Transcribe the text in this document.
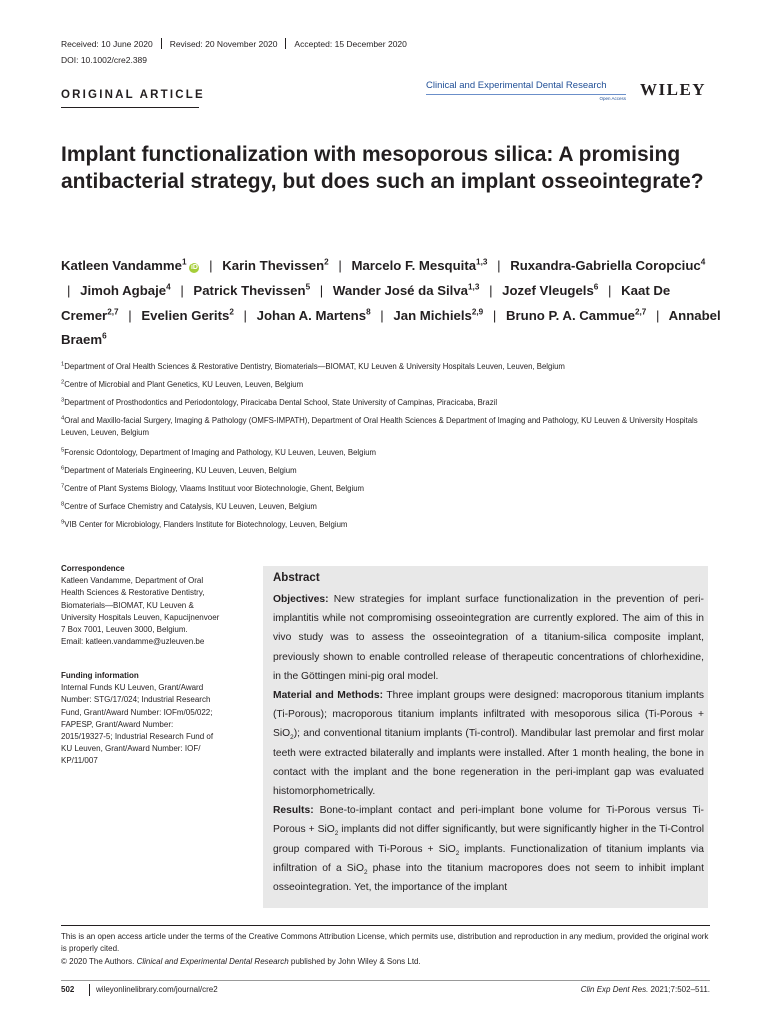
Received: 10 June 2020 Revised: 20 November 2020 Accepted: 15 December 2020
DOI: 10.1002/cre2.389
ORIGINAL ARTICLE
Clinical and Experimental Dental Research
Open Access WILEY
Implant functionalization with mesoporous silica: A promising antibacterial strategy, but does such an implant osseointegrate?
Katleen Vandamme$^1$iD | Karin Thevissen$^2$ | Marcelo F. Mesquita$^{1,3}$ | Ruxandra-Gabriella Coropciuc$^4$ | Jimoh Agbaje$^4$ | Patrick Thevissen$^5$ | Wander José da Silva$^{1,3}$ | Jozef Vleugels$^6$ | Kaat De Cremer$^{2,7}$ | Evelien Gerits$^2$ | Johan A. Martens$^8$ | Jan Michiels$^{2,9}$ | Bruno P. A. Cammue$^{2,7}$ | Annabel Braem$^6$
$^1$Department of Oral Health Sciences & Restorative Dentistry, Biomaterials—BIOMAT, KU Leuven & University Hospitals Leuven, Leuven, Belgium
$^2$Centre of Microbial and Plant Genetics, KU Leuven, Leuven, Belgium
$^3$Department of Prosthodontics and Periodontology, Piracicaba Dental School, State University of Campinas, Piracicaba, Brazil
$^4$Oral and Maxillo-facial Surgery, Imaging & Pathology (OMFS-IMPATH), Department of Oral Health Sciences & Department of Imaging and Pathology, KU Leuven & University Hospitals Leuven, Leuven, Belgium
$^5$Forensic Odontology, Department of Imaging and Pathology, KU Leuven, Leuven, Belgium
$^6$Department of Materials Engineering, KU Leuven, Leuven, Belgium
$^7$Centre of Plant Systems Biology, Vlaams Instituut voor Biotechnologie, Ghent, Belgium
$^8$Centre of Surface Chemistry and Catalysis, KU Leuven, Leuven, Belgium
$^9$VIB Center for Microbiology, Flanders Institute for Biotechnology, Leuven, Belgium
Correspondence
Katleen Vandamme, Department of Oral
Health Sciences & Restorative Dentistry,
Biomaterials—BIOMAT, KU Leuven &
University Hospitals Leuven, Kapucijnenvoer
7 Box 7001, Leuven 3000, Belgium.
Email: katleen.vandamme@uzleuven.be
Funding information
Internal Funds KU Leuven, Grant/Award
Number: STG/17/024; Industrial Research
Fund, Grant/Award Number: IOFm/05/022;
FAPESP, Grant/Award Number:
2015/19327-5; Industrial Research Fund of
KU Leuven, Grant/Award Number: IOF/
KP/11/007
Abstract

Objectives: New strategies for implant surface functionalization in the prevention of peri-implantitis while not compromising osseointegration are currently explored. The aim of this in vivo study was to assess the osseointegration of a titanium-silica composite implant, previously shown to enable controlled release of therapeutic concentrations of chlorhexidine, in the Göttingen mini-pig oral model.

Material and Methods: Three implant groups were designed: macroporous titanium implants (Ti-Porous); macroporous titanium implants infiltrated with mesoporous silica (Ti-Porous + SiO$_2$); and conventional titanium implants (Ti-control). Mandibular last premolar and first molar teeth were extracted bilaterally and implants were installed. After 1 month healing, the bone in contact with the implant and the bone regeneration in the peri-implant gap was evaluated histomorphometrically.

Results: Bone-to-implant contact and peri-implant bone volume for Ti-Porous versus Ti-Porous + SiO$_2$ implants did not differ significantly, but were significantly higher in the Ti-Control group compared with Ti-Porous + SiO$_2$ implants. Functionalization of titanium implants via infiltration of a SiO$_2$ phase into the titanium macropores does not seem to inhibit implant osseointegration. Yet, the importance of the implant

This is an open access article under the terms of the Creative Commons Attribution License, which permits use, distribution and reproduction in any medium, provided the original work is properly cited.
© 2020 The Authors. Clinical and Experimental Dental Research published by John Wiley & Sons Ltd.
502	wileyonlinelibrary.com/journal/cre2	Clin Exp Dent Res. 2021;7:502–511.
